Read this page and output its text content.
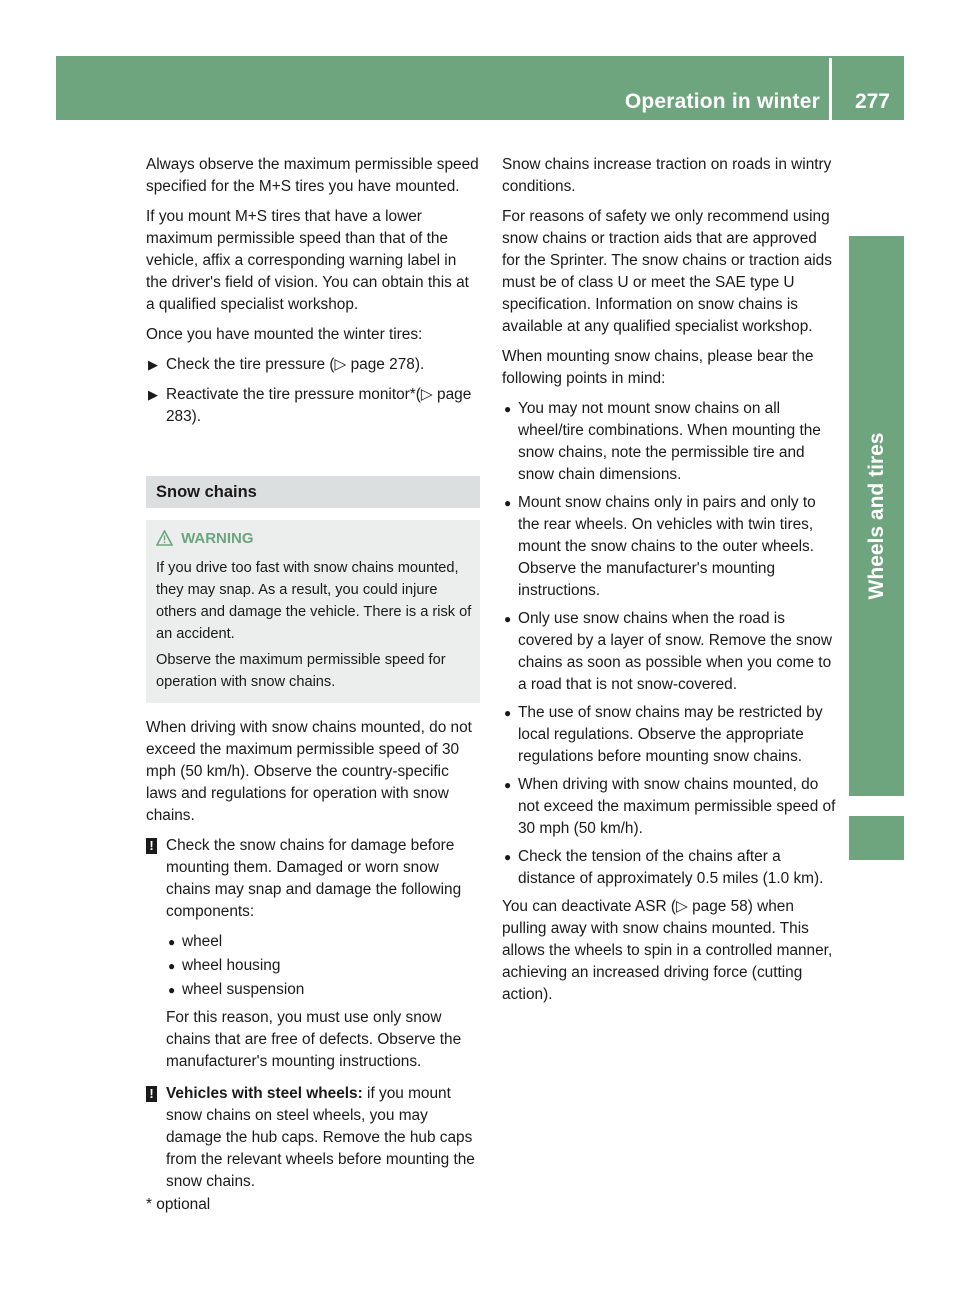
Operation in winter 277
Wheels and tires

Always observe the maximum permissible speed specified for the M+S tires you have mounted.

If you mount M+S tires that have a lower maximum permissible speed than that of the vehicle, affix a corresponding warning label in the driver's field of vision. You can obtain this at a qualified specialist workshop.

Once you have mounted the winter tires:

▶ Check the tire pressure (▷ page 278).
▶ Reactivate the tire pressure monitor*(▷ page 283).
Snow chains
WARNING

If you drive too fast with snow chains mounted, they may snap. As a result, you could injure others and damage the vehicle. There is a risk of an accident.

Observe the maximum permissible speed for operation with snow chains.

When driving with snow chains mounted, do not exceed the maximum permissible speed of 30 mph (50 km/h). Observe the country-specific laws and regulations for operation with snow chains.

! Check the snow chains for damage before mounting them. Damaged or worn snow chains may snap and damage the following components:

● wheel
● wheel housing
● wheel suspension

For this reason, you must use only snow chains that are free of defects. Observe the manufacturer's mounting instructions.

! Vehicles with steel wheels: if you mount snow chains on steel wheels, you may damage the hub caps. Remove the hub caps from the relevant wheels before mounting the snow chains.

Snow chains increase traction on roads in wintry conditions.

For reasons of safety we only recommend using snow chains or traction aids that are approved for the Sprinter. The snow chains or traction aids must be of class U or meet the SAE type U specification. Information on snow chains is available at any qualified specialist workshop.

When mounting snow chains, please bear the following points in mind:

● You may not mount snow chains on all wheel/tire combinations. When mounting the snow chains, note the permissible tire and snow chain dimensions.
● Mount snow chains only in pairs and only to the rear wheels. On vehicles with twin tires, mount the snow chains to the outer wheels. Observe the manufacturer's mounting instructions.
● Only use snow chains when the road is covered by a layer of snow. Remove the snow chains as soon as possible when you come to a road that is not snow-covered.
● The use of snow chains may be restricted by local regulations. Observe the appropriate regulations before mounting snow chains.
● When driving with snow chains mounted, do not exceed the maximum permissible speed of 30 mph (50 km/h).
● Check the tension of the chains after a distance of approximately 0.5 miles (1.0 km).

You can deactivate ASR (▷ page 58) when pulling away with snow chains mounted. This allows the wheels to spin in a controlled manner, achieving an increased driving force (cutting action).

* optional
